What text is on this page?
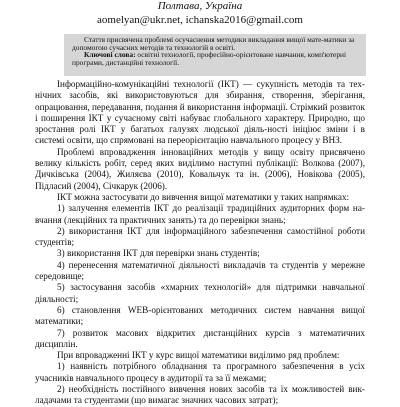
Полтава, Україна
aomelyan@ukr.net, ichanska2016@gmail.com

Стаття присвячена проблемі осучаснення методики викладання вищої мате-матики за допомогою сучасних методів та технологій в освіті.

Ключові слова: освітні технології, професійно-орієнтоване навчання, комп'ютерні програми, дистанційні технології.

Інформаційно-комунікаційні технології (ІКТ) — сукупність методів та тех-нічних засобів, які використовуються для збирання, створення, зберігання, опрацювання, передавання, подання й використання інформації. Стрімкий розвиток і поширення ІКТ у сучасному світі набуває глобального характеру. Природно, що зростання ролі ІКТ у багатьох галузях людської діяль-ності ініціює зміни і в системі освіти, що спрямовані на переорієнтацію навчального процесу у ВНЗ.

Проблемі впровадження інноваційних методів у вищу освіту присвячено велику кількість робіт, серед яких виділимо наступні публікації: Волкова (2007), Дичківська (2004), Жиляєва (2010), Ковальчук та ін. (2006), Новікова (2005), Підласий (2004), Січкарук (2006).

ІКТ можна застосувати до вивчення вищої математики у таких напрямках:

1) залучення елементів ІКТ до реалізації традиційних аудиторних форм на-вчання (лекційних та практичних занять) та до перевірки знань;

2) використання ІКТ для інформаційного забезпечення самостійної роботи студентів;

3) використання ІКТ для перевірки знань студентів;

4) перенесення математичної діяльності викладачів та студентів у мережне середовище;

5) застосування засобів «хмарних технологій» для підтримки навчальної діяльності;

6) становлення WEB-орієнтованих методичних систем навчання вищої математики;

7) розвиток масових відкритих дистанційних курсів з математичних дисциплін.

При впровадженні ІКТ у курс вищої математики виділимо ряд проблем:

1) наявність потрібного обладнання та програмного забезпечення в усіх учасників навчального процесу в аудиторії та за її межами;

2) необхідність постійного вивчення нових засобів та їх можливостей вик-ладачами та студентами (що вимагає значних часових затрат);
